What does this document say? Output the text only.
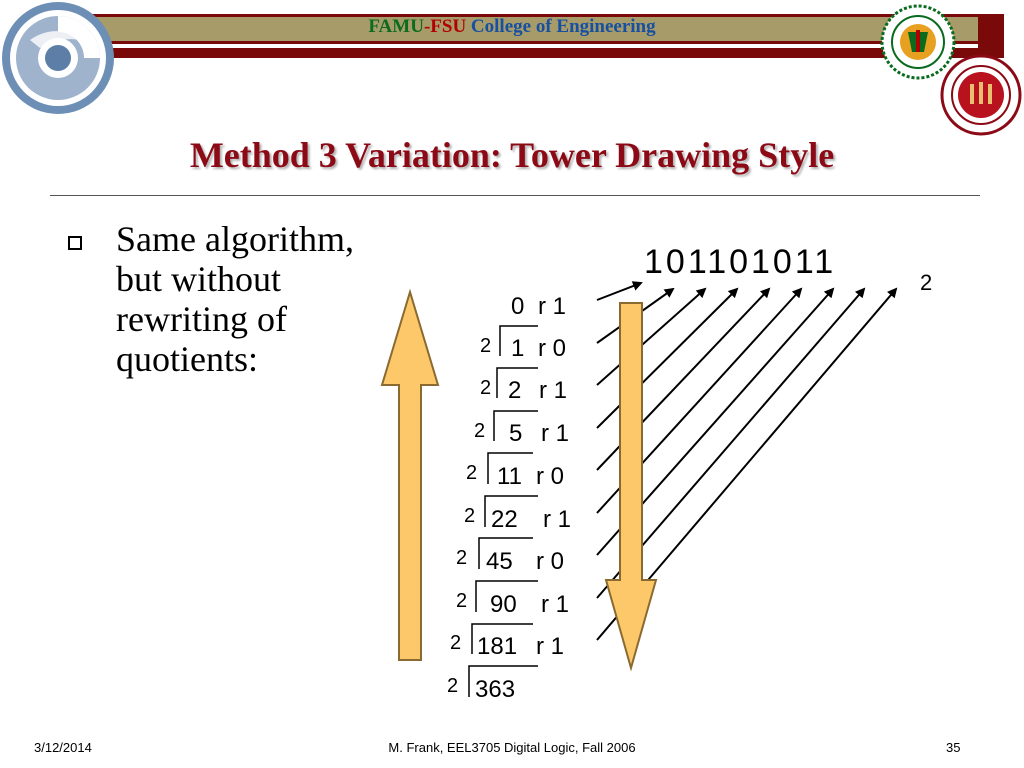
FAMU-FSU College of Engineering
Method 3 Variation: Tower Drawing Style
Same algorithm,
but without
rewriting of
quotients:
101101011
2
0 r 1
2
2
2
2
2
2
2
2
2
1
2
5
11
22
45
90
181
363
r 0
r 1
r 1
r 0
r 1
r 0
r 1
r 1
3/12/2014	M. Frank, EEL3705 Digital Logic, Fall 2006	35
